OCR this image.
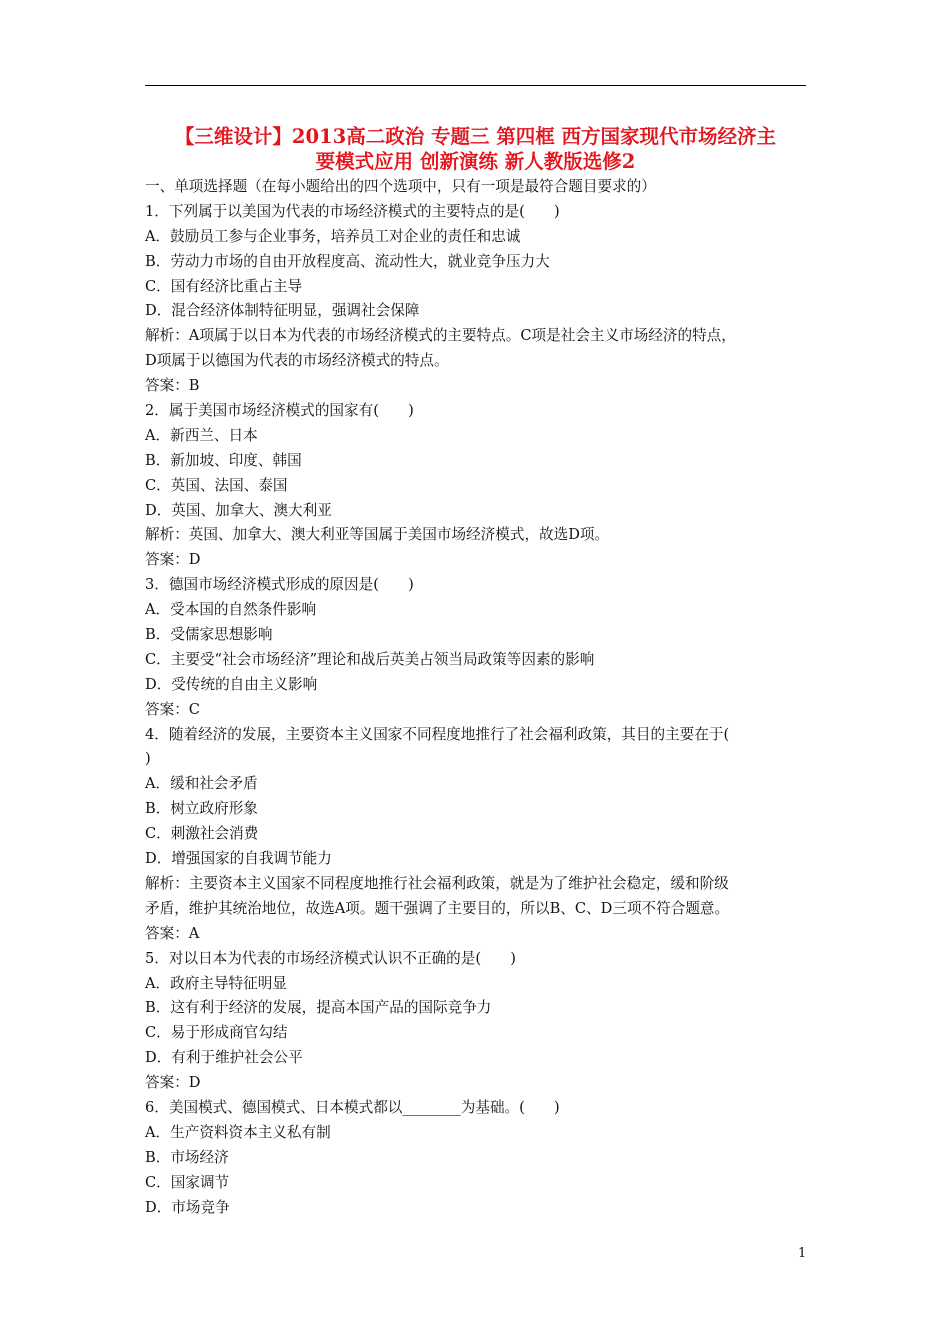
【三维设计】2013高二政治 专题三 第四框 西方国家现代市场经济主
要模式应用 创新演练 新人教版选修2
一、单项选择题（在每小题给出的四个选项中，只有一项是最符合题目要求的）
1．下列属于以美国为代表的市场经济模式的主要特点的是(　　)
A．鼓励员工参与企业事务，培养员工对企业的责任和忠诚
B．劳动力市场的自由开放程度高、流动性大，就业竞争压力大
C．国有经济比重占主导
D．混合经济体制特征明显，强调社会保障
解析：A项属于以日本为代表的市场经济模式的主要特点。C项是社会主义市场经济的特点，
D项属于以德国为代表的市场经济模式的特点。
答案：B
2．属于美国市场经济模式的国家有(　　)
A．新西兰、日本
B．新加坡、印度、韩国
C．英国、法国、泰国
D．英国、加拿大、澳大利亚
解析：英国、加拿大、澳大利亚等国属于美国市场经济模式，故选D项。
答案：D
3．德国市场经济模式形成的原因是(　　)
A．受本国的自然条件影响
B．受儒家思想影响
C．主要受“社会市场经济”理论和战后英美占领当局政策等因素的影响
D．受传统的自由主义影响
答案：C
4．随着经济的发展，主要资本主义国家不同程度地推行了社会福利政策，其目的主要在于(
)
A．缓和社会矛盾
B．树立政府形象
C．刺激社会消费
D．增强国家的自我调节能力
解析：主要资本主义国家不同程度地推行社会福利政策，就是为了维护社会稳定，缓和阶级
矛盾，维护其统治地位，故选A项。题干强调了主要目的，所以B、C、D三项不符合题意。
答案：A
5．对以日本为代表的市场经济模式认识不正确的是(　　)
A．政府主导特征明显
B．这有利于经济的发展，提高本国产品的国际竞争力
C．易于形成商官勾结
D．有利于维护社会公平
答案：D
6．美国模式、德国模式、日本模式都以________为基础。(　　)
A．生产资料资本主义私有制
B．市场经济
C．国家调节
D．市场竞争
1
